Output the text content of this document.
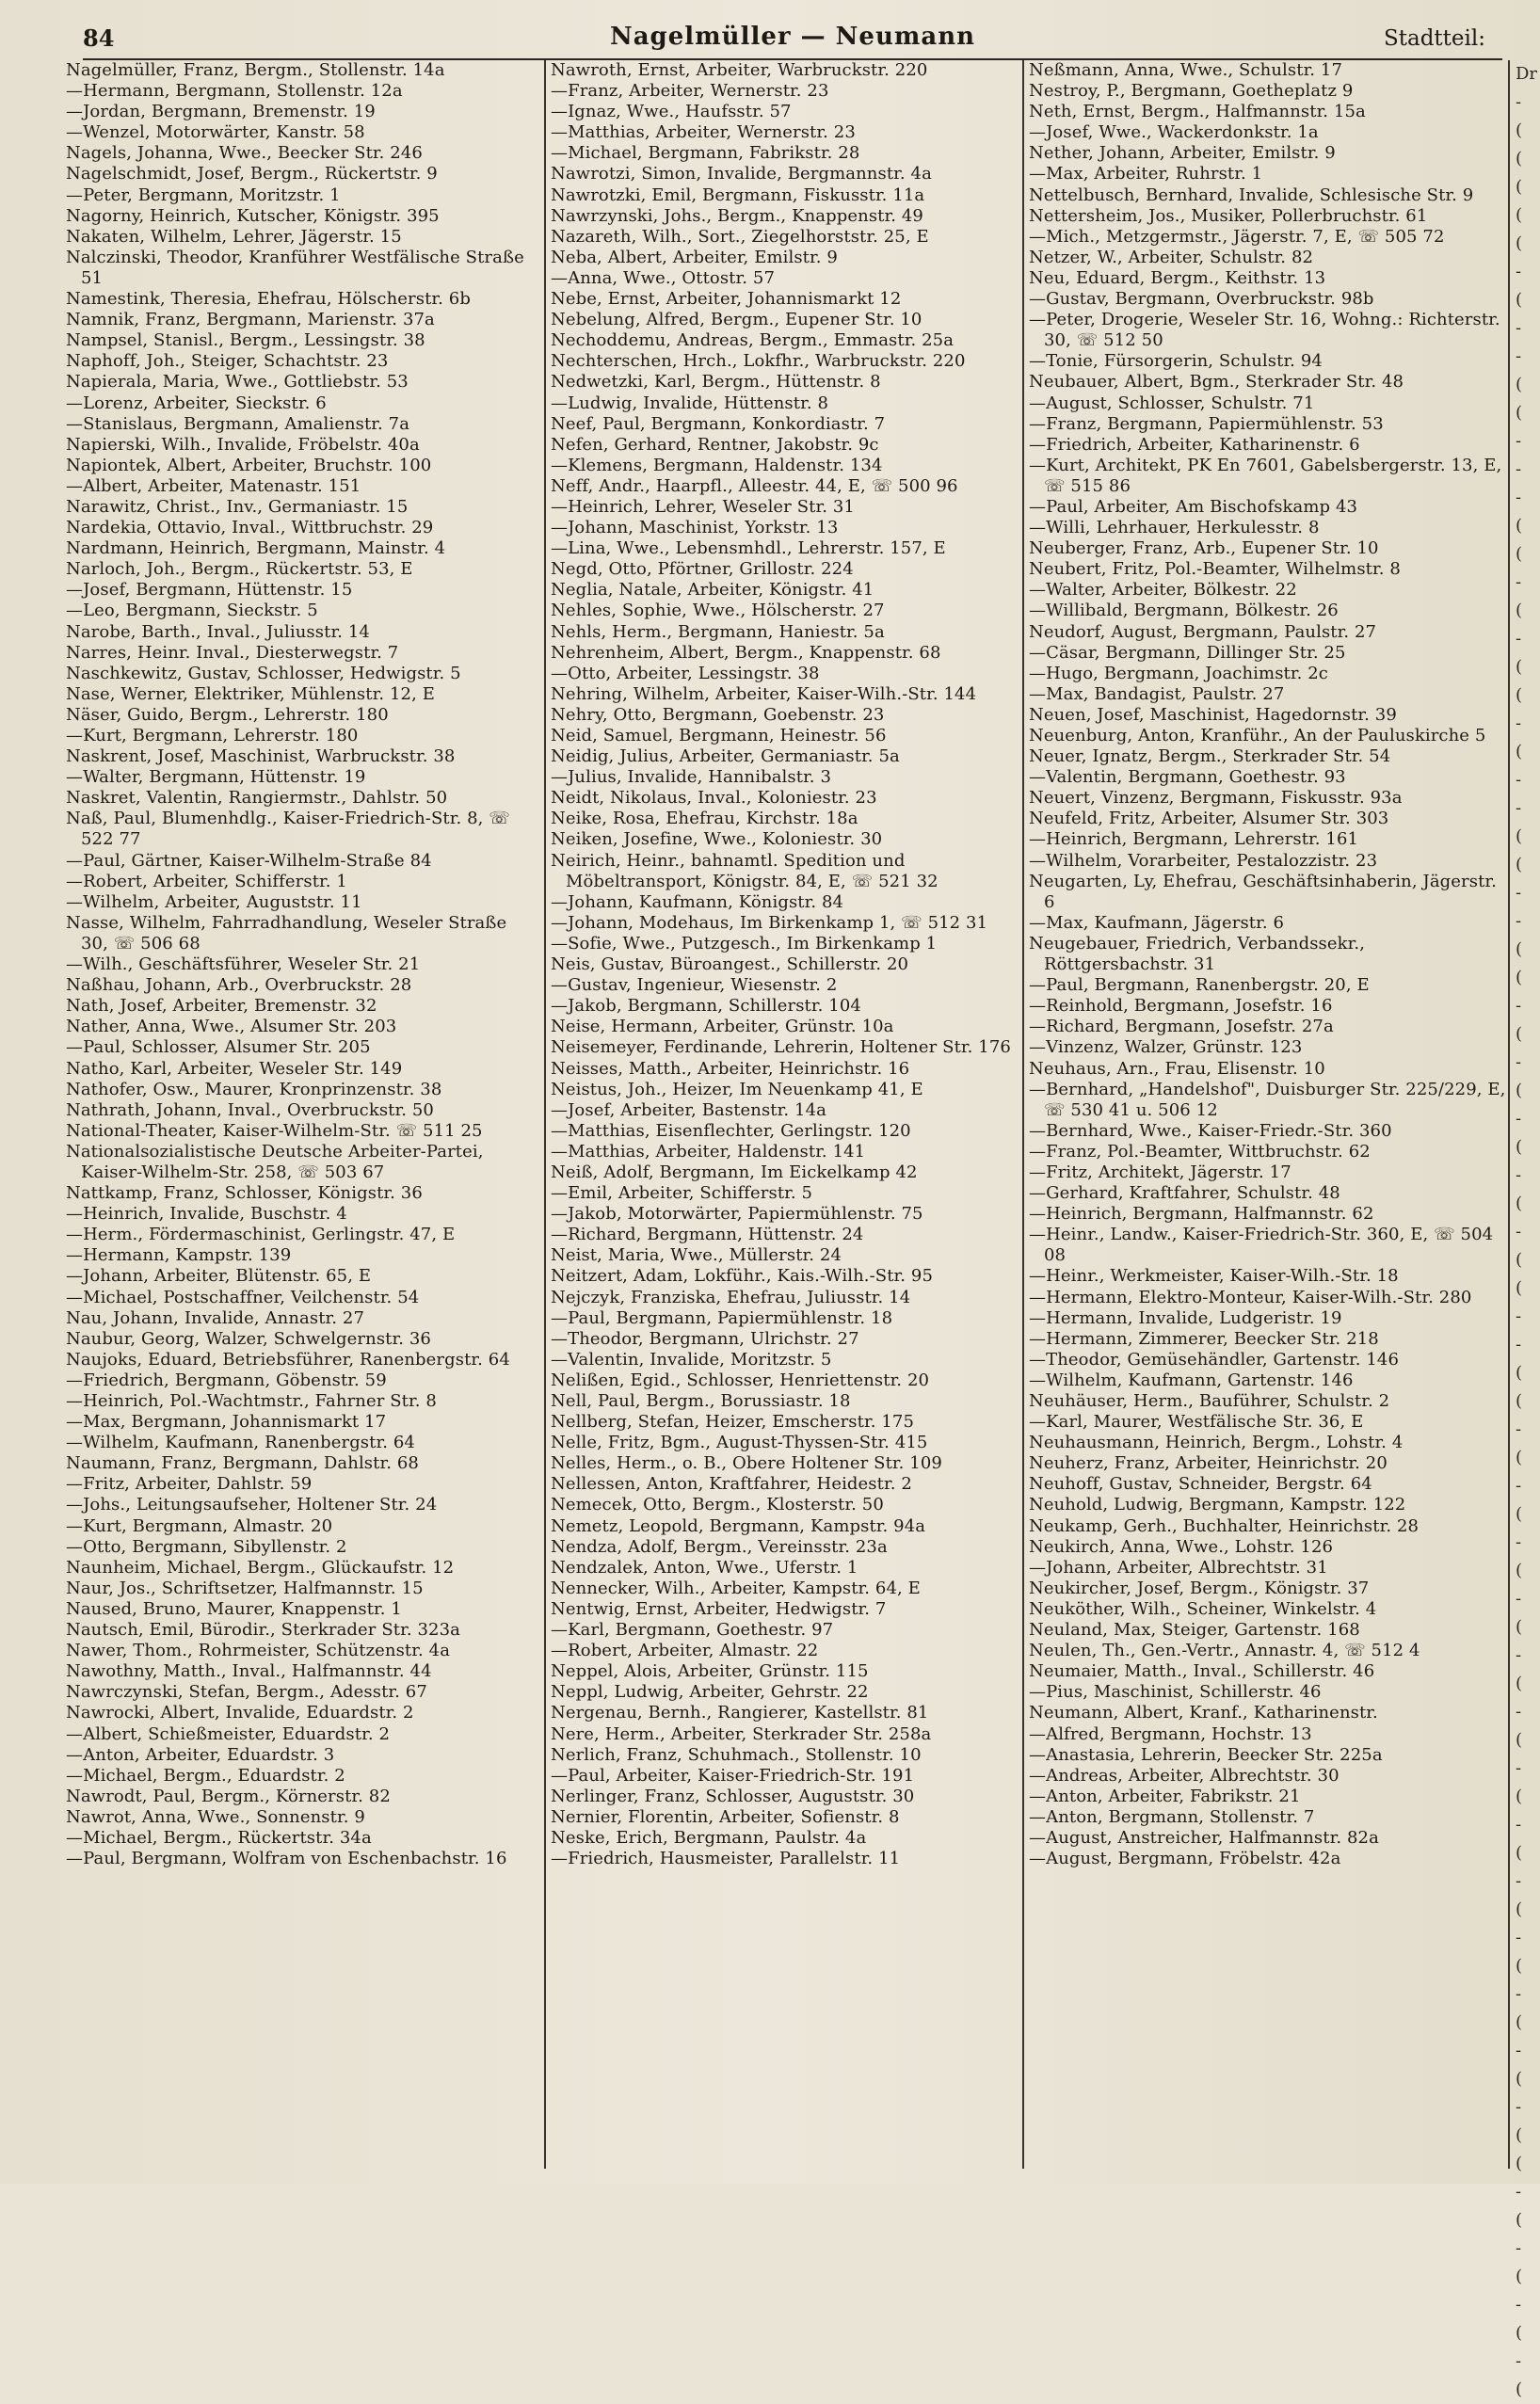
84	Nagelmüller — Neumann	Stadtteil:

Nagelmüller, Franz, Bergm., Stollenstr. 14a

—Hermann, Bergmann, Stollenstr. 12a

—Jordan, Bergmann, Bremenstr. 19

—Wenzel, Motorwärter, Kanstr. 58

Nagels, Johanna, Wwe., Beecker Str. 246

Nagelschmidt, Josef, Bergm., Rückertstr. 9

—Peter, Bergmann, Moritzstr. 1

Nagorny, Heinrich, Kutscher, Königstr. 395

Nakaten, Wilhelm, Lehrer, Jägerstr. 15

Nalczinski, Theodor, Kranführer Westfälische Straße 51

Namestink, Theresia, Ehefrau, Hölscherstr. 6b

Namnik, Franz, Bergmann, Marienstr. 37a

Nampsel, Stanisl., Bergm., Lessingstr. 38

Naphoff, Joh., Steiger, Schachtstr. 23

Napierala, Maria, Wwe., Gottliebstr. 53

—Lorenz, Arbeiter, Sieckstr. 6

—Stanislaus, Bergmann, Amalienstr. 7a

Napierski, Wilh., Invalide, Fröbelstr. 40a

Napiontek, Albert, Arbeiter, Bruchstr. 100

—Albert, Arbeiter, Matenastr. 151

Narawitz, Christ., Inv., Germaniastr. 15

Nardekia, Ottavio, Inval., Wittbruchstr. 29

Nardmann, Heinrich, Bergmann, Mainstr. 4

Narloch, Joh., Bergm., Rückertstr. 53, E

—Josef, Bergmann, Hüttenstr. 15

—Leo, Bergmann, Sieckstr. 5

Narobe, Barth., Inval., Juliusstr. 14

Narres, Heinr. Inval., Diesterwegstr. 7

Naschkewitz, Gustav, Schlosser, Hedwigstr. 5

Nase, Werner, Elektriker, Mühlenstr. 12, E

Näser, Guido, Bergm., Lehrerstr. 180

—Kurt, Bergmann, Lehrerstr. 180

Naskrent, Josef, Maschinist, Warbruckstr. 38

—Walter, Bergmann, Hüttenstr. 19

Naskret, Valentin, Rangiermstr., Dahlstr. 50

Naß, Paul, Blumenhdlg., Kaiser-Friedrich-Str. 8, ☏ 522 77

—Paul, Gärtner, Kaiser-Wilhelm-Straße 84

—Robert, Arbeiter, Schifferstr. 1

—Wilhelm, Arbeiter, Auguststr. 11

Nasse, Wilhelm, Fahrradhandlung, Weseler Straße 30, ☏ 506 68

—Wilh., Geschäftsführer, Weseler Str. 21

Naßhau, Johann, Arb., Overbruckstr. 28

Nath, Josef, Arbeiter, Bremenstr. 32

Nather, Anna, Wwe., Alsumer Str. 203

—Paul, Schlosser, Alsumer Str. 205

Natho, Karl, Arbeiter, Weseler Str. 149

Nathofer, Osw., Maurer, Kronprinzenstr. 38

Nathrath, Johann, Inval., Overbruckstr. 50

National-Theater, Kaiser-Wilhelm-Str. ☏ 511 25

Nationalsozialistische Deutsche Arbeiter-Partei, Kaiser-Wilhelm-Str. 258, ☏ 503 67

Nattkamp, Franz, Schlosser, Königstr. 36

—Heinrich, Invalide, Buschstr. 4

—Herm., Fördermaschinist, Gerlingstr. 47, E

—Hermann, Kampstr. 139

—Johann, Arbeiter, Blütenstr. 65, E

—Michael, Postschaffner, Veilchenstr. 54

Nau, Johann, Invalide, Annastr. 27

Naubur, Georg, Walzer, Schwelgernstr. 36

Naujoks, Eduard, Betriebsführer, Ranenbergstr. 64

—Friedrich, Bergmann, Göbenstr. 59

—Heinrich, Pol.-Wachtmstr., Fahrner Str. 8

—Max, Bergmann, Johannismarkt 17

—Wilhelm, Kaufmann, Ranenbergstr. 64

Naumann, Franz, Bergmann, Dahlstr. 68

—Fritz, Arbeiter, Dahlstr. 59

—Johs., Leitungsaufseher, Holtener Str. 24

—Kurt, Bergmann, Almastr. 20

—Otto, Bergmann, Sibyllenstr. 2

Naunheim, Michael, Bergm., Glückaufstr. 12

Naur, Jos., Schriftsetzer, Halfmannstr. 15

Naused, Bruno, Maurer, Knappenstr. 1

Nautsch, Emil, Bürodir., Sterkrader Str. 323a

Nawer, Thom., Rohrmeister, Schützenstr. 4a

Nawothny, Matth., Inval., Halfmannstr. 44

Nawrczynski, Stefan, Bergm., Adesstr. 67

Nawrocki, Albert, Invalide, Eduardstr. 2

—Albert, Schießmeister, Eduardstr. 2

—Anton, Arbeiter, Eduardstr. 3

—Michael, Bergm., Eduardstr. 2

Nawrodt, Paul, Bergm., Körnerstr. 82

Nawrot, Anna, Wwe., Sonnenstr. 9

—Michael, Bergm., Rückertstr. 34a

—Paul, Bergmann, Wolfram von Eschenbachstr. 16

Nawroth, Ernst, Arbeiter, Warbruckstr. 220

—Franz, Arbeiter, Wernerstr. 23

—Ignaz, Wwe., Haufsstr. 57

—Matthias, Arbeiter, Wernerstr. 23

—Michael, Bergmann, Fabrikstr. 28

Nawrotzi, Simon, Invalide, Bergmannstr. 4a

Nawrotzki, Emil, Bergmann, Fiskusstr. 11a

Nawrzynski, Johs., Bergm., Knappenstr. 49

Nazareth, Wilh., Sort., Ziegelhorststr. 25, E

Neba, Albert, Arbeiter, Emilstr. 9

—Anna, Wwe., Ottostr. 57

Nebe, Ernst, Arbeiter, Johannismarkt 12

Nebelung, Alfred, Bergm., Eupener Str. 10

Nechoddemu, Andreas, Bergm., Emmastr. 25a

Nechterschen, Hrch., Lokfhr., Warbruckstr. 220

Nedwetzki, Karl, Bergm., Hüttenstr. 8

—Ludwig, Invalide, Hüttenstr. 8

Neef, Paul, Bergmann, Konkordiastr. 7

Nefen, Gerhard, Rentner, Jakobstr. 9c

—Klemens, Bergmann, Haldenstr. 134

Neff, Andr., Haarpfl., Alleestr. 44, E, ☏ 500 96

—Heinrich, Lehrer, Weseler Str. 31

—Johann, Maschinist, Yorkstr. 13

—Lina, Wwe., Lebensmhdl., Lehrerstr. 157, E

Negd, Otto, Pförtner, Grillostr. 224

Neglia, Natale, Arbeiter, Königstr. 41

Nehles, Sophie, Wwe., Hölscherstr. 27

Nehls, Herm., Bergmann, Haniestr. 5a

Nehrenheim, Albert, Bergm., Knappenstr. 68

—Otto, Arbeiter, Lessingstr. 38

Nehring, Wilhelm, Arbeiter, Kaiser-Wilh.-Str. 144

Nehry, Otto, Bergmann, Goebenstr. 23

Neid, Samuel, Bergmann, Heinestr. 56

Neidig, Julius, Arbeiter, Germaniastr. 5a

—Julius, Invalide, Hannibalstr. 3

Neidt, Nikolaus, Inval., Koloniestr. 23

Neike, Rosa, Ehefrau, Kirchstr. 18a

Neiken, Josefine, Wwe., Koloniestr. 30

Neirich, Heinr., bahnamtl. Spedition und Möbeltransport, Königstr. 84, E, ☏ 521 32

—Johann, Kaufmann, Königstr. 84

—Johann, Modehaus, Im Birkenkamp 1, ☏ 512 31

—Sofie, Wwe., Putzgesch., Im Birkenkamp 1

Neis, Gustav, Büroangest., Schillerstr. 20

—Gustav, Ingenieur, Wiesenstr. 2

—Jakob, Bergmann, Schillerstr. 104

Neise, Hermann, Arbeiter, Grünstr. 10a

Neisemeyer, Ferdinande, Lehrerin, Holtener Str. 176

Neisses, Matth., Arbeiter, Heinrichstr. 16

Neistus, Joh., Heizer, Im Neuenkamp 41, E

—Josef, Arbeiter, Bastenstr. 14a

—Matthias, Eisenflechter, Gerlingstr. 120

—Matthias, Arbeiter, Haldenstr. 141

Neiß, Adolf, Bergmann, Im Eickelkamp 42

—Emil, Arbeiter, Schifferstr. 5

—Jakob, Motorwärter, Papiermühlenstr. 75

—Richard, Bergmann, Hüttenstr. 24

Neist, Maria, Wwe., Müllerstr. 24

Neitzert, Adam, Lokführ., Kais.-Wilh.-Str. 95

Nejczyk, Franziska, Ehefrau, Juliusstr. 14

—Paul, Bergmann, Papiermühlenstr. 18

—Theodor, Bergmann, Ulrichstr. 27

—Valentin, Invalide, Moritzstr. 5

Nelißen, Egid., Schlosser, Henriettenstr. 20

Nell, Paul, Bergm., Borussiastr. 18

Nellberg, Stefan, Heizer, Emscherstr. 175

Nelle, Fritz, Bgm., August-Thyssen-Str. 415

Nelles, Herm., o. B., Obere Holtener Str. 109

Nellessen, Anton, Kraftfahrer, Heidestr. 2

Nemecek, Otto, Bergm., Klosterstr. 50

Nemetz, Leopold, Bergmann, Kampstr. 94a

Nendza, Adolf, Bergm., Vereinsstr. 23a

Nendzalek, Anton, Wwe., Uferstr. 1

Nennecker, Wilh., Arbeiter, Kampstr. 64, E

Nentwig, Ernst, Arbeiter, Hedwigstr. 7

—Karl, Bergmann, Goethestr. 97

—Robert, Arbeiter, Almastr. 22

Neppel, Alois, Arbeiter, Grünstr. 115

Neppl, Ludwig, Arbeiter, Gehrstr. 22

Nergenau, Bernh., Rangierer, Kastellstr. 81

Nere, Herm., Arbeiter, Sterkrader Str. 258a

Nerlich, Franz, Schuhmach., Stollenstr. 10

—Paul, Arbeiter, Kaiser-Friedrich-Str. 191

Nerlinger, Franz, Schlosser, Auguststr. 30

Nernier, Florentin, Arbeiter, Sofienstr. 8

Neske, Erich, Bergmann, Paulstr. 4a

—Friedrich, Hausmeister, Parallelstr. 11

Neßmann, Anna, Wwe., Schulstr. 17

Nestroy, P., Bergmann, Goetheplatz 9

Neth, Ernst, Bergm., Halfmannstr. 15a

—Josef, Wwe., Wackerdonkstr. 1a

Nether, Johann, Arbeiter, Emilstr. 9

—Max, Arbeiter, Ruhrstr. 1

Nettelbusch, Bernhard, Invalide, Schlesische Str. 9

Nettersheim, Jos., Musiker, Pollerbruchstr. 61

—Mich., Metzgermstr., Jägerstr. 7, E, ☏ 505 72

Netzer, W., Arbeiter, Schulstr. 82

Neu, Eduard, Bergm., Keithstr. 13

—Gustav, Bergmann, Overbruckstr. 98b

—Peter, Drogerie, Weseler Str. 16, Wohng.: Richterstr. 30, ☏ 512 50

—Tonie, Fürsorgerin, Schulstr. 94

Neubauer, Albert, Bgm., Sterkrader Str. 48

—August, Schlosser, Schulstr. 71

—Franz, Bergmann, Papiermühlenstr. 53

—Friedrich, Arbeiter, Katharinenstr. 6

—Kurt, Architekt, PK En 7601, Gabelsbergerstr. 13, E, ☏ 515 86

—Paul, Arbeiter, Am Bischofskamp 43

—Willi, Lehrhauer, Herkulesstr. 8

Neuberger, Franz, Arb., Eupener Str. 10

Neubert, Fritz, Pol.-Beamter, Wilhelmstr. 8

—Walter, Arbeiter, Bölkestr. 22

—Willibald, Bergmann, Bölkestr. 26

Neudorf, August, Bergmann, Paulstr. 27

—Cäsar, Bergmann, Dillinger Str. 25

—Hugo, Bergmann, Joachimstr. 2c

—Max, Bandagist, Paulstr. 27

Neuen, Josef, Maschinist, Hagedornstr. 39

Neuenburg, Anton, Kranführ., An der Pauluskirche 5

Neuer, Ignatz, Bergm., Sterkrader Str. 54

—Valentin, Bergmann, Goethestr. 93

Neuert, Vinzenz, Bergmann, Fiskusstr. 93a

Neufeld, Fritz, Arbeiter, Alsumer Str. 303

—Heinrich, Bergmann, Lehrerstr. 161

—Wilhelm, Vorarbeiter, Pestalozzistr. 23

Neugarten, Ly, Ehefrau, Geschäftsinhaberin, Jägerstr. 6

—Max, Kaufmann, Jägerstr. 6

Neugebauer, Friedrich, Verbandssekr., Röttgersbachstr. 31

—Paul, Bergmann, Ranenbergstr. 20, E

—Reinhold, Bergmann, Josefstr. 16

—Richard, Bergmann, Josefstr. 27a

—Vinzenz, Walzer, Grünstr. 123

Neuhaus, Arn., Frau, Elisenstr. 10

—Bernhard, „Handelshof", Duisburger Str. 225/229, E, ☏ 530 41 u. 506 12

—Bernhard, Wwe., Kaiser-Friedr.-Str. 360

—Franz, Pol.-Beamter, Wittbruchstr. 62

—Fritz, Architekt, Jägerstr. 17

—Gerhard, Kraftfahrer, Schulstr. 48

—Heinrich, Bergmann, Halfmannstr. 62

—Heinr., Landw., Kaiser-Friedrich-Str. 360, E, ☏ 504 08

—Heinr., Werkmeister, Kaiser-Wilh.-Str. 18

—Hermann, Elektro-Monteur, Kaiser-Wilh.-Str. 280

—Hermann, Invalide, Ludgeristr. 19

—Hermann, Zimmerer, Beecker Str. 218

—Theodor, Gemüsehändler, Gartenstr. 146

—Wilhelm, Kaufmann, Gartenstr. 146

Neuhäuser, Herm., Bauführer, Schulstr. 2

—Karl, Maurer, Westfälische Str. 36, E

Neuhausmann, Heinrich, Bergm., Lohstr. 4

Neuherz, Franz, Arbeiter, Heinrichstr. 20

Neuhoff, Gustav, Schneider, Bergstr. 64

Neuhold, Ludwig, Bergmann, Kampstr. 122

Neukamp, Gerh., Buchhalter, Heinrichstr. 28

Neukirch, Anna, Wwe., Lohstr. 126

—Johann, Arbeiter, Albrechtstr. 31

Neukircher, Josef, Bergm., Königstr. 37

Neuköther, Wilh., Scheiner, Winkelstr. 4

Neuland, Max, Steiger, Gartenstr. 168

Neulen, Th., Gen.-Vertr., Annastr. 4, ☏ 512 4

Neumaier, Matth., Inval., Schillerstr. 46

—Pius, Maschinist, Schillerstr. 46

Neumann, Albert, Kranf., Katharinenstr.

—Alfred, Bergmann, Hochstr. 13

—Anastasia, Lehrerin, Beecker Str. 225a

—Andreas, Arbeiter, Albrechtstr. 30

—Anton, Arbeiter, Fabrikstr. 21

—Anton, Bergmann, Stollenstr. 7

—August, Anstreicher, Halfmannstr. 82a

—August, Bergmann, Fröbelstr. 42a

Dr
-
(
(
(
(
(
-
(
-
-
(
(
-
-
-
(
(
-
(
-
(
(
-
(
-
-
(
(
-
-
(
(
-
(
-
(
-
(
-
(
-
(
(
-
-
(
(
-
(
-
(
-
(
-
(
-
(
-
(
-
(
-
(
-
(
-
(
-
(
-
(
-
(
(
-
(
-
(
-
(
-
(
